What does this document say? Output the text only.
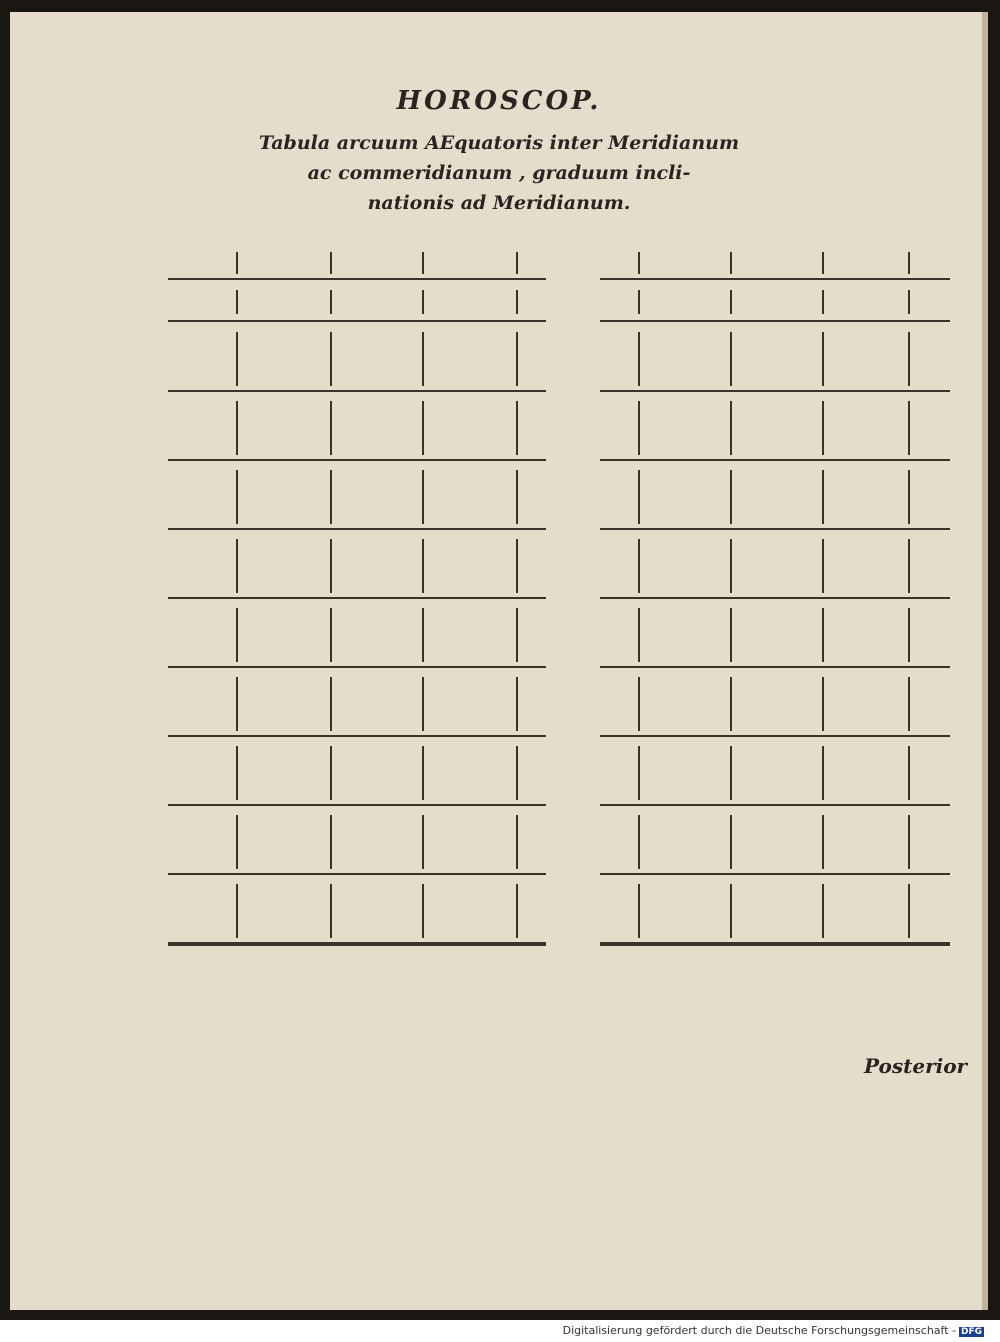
HOROSCOP.
Tabula arcuum AEquatoris inter Meridianum
ac commeridianum , graduum incli-
nationis ad Meridianum.
Posterior
Digitalisierung gefördert durch die Deutsche Forschungsgemeinschaft - DFG
